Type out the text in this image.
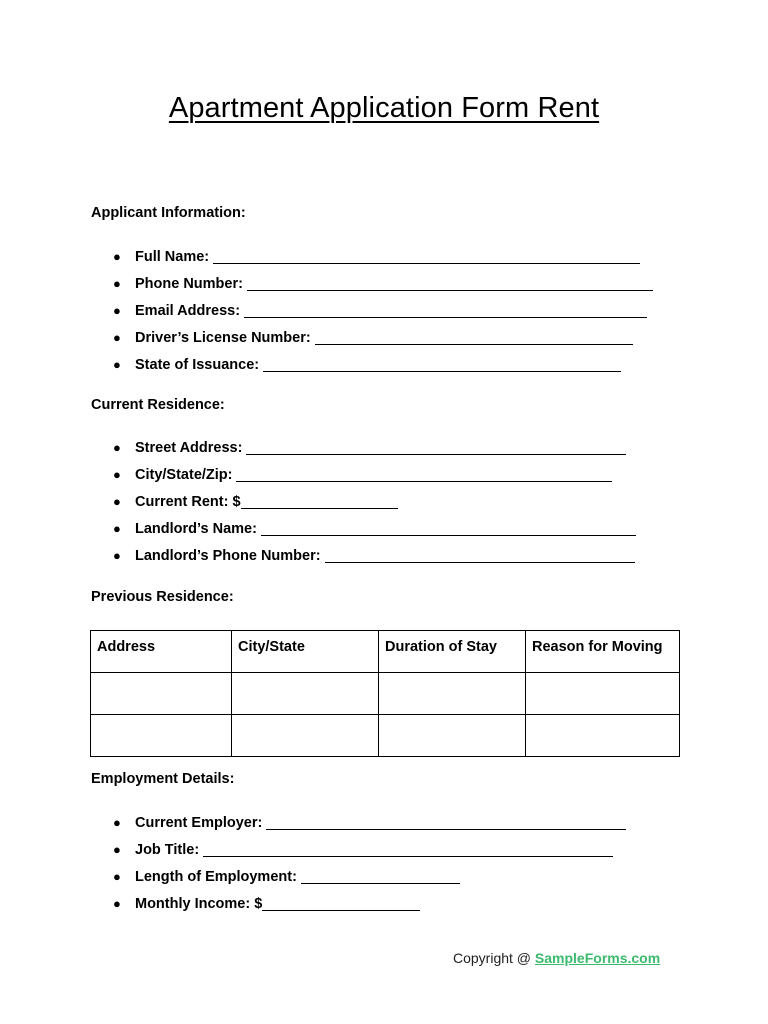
Apartment Application Form Rent
Applicant Information:
● Full Name:
● Phone Number:
● Email Address:
● Driver’s License Number:
● State of Issuance:
Current Residence:
● Street Address:
● City/State/Zip:
● Current Rent: $
● Landlord’s Name:
● Landlord’s Phone Number:
Previous Residence:
Address	City/State	Duration of Stay	Reason for Moving

Employment Details:
● Current Employer:
● Job Title:
● Length of Employment:
● Monthly Income: $
Copyright @ SampleForms.com
